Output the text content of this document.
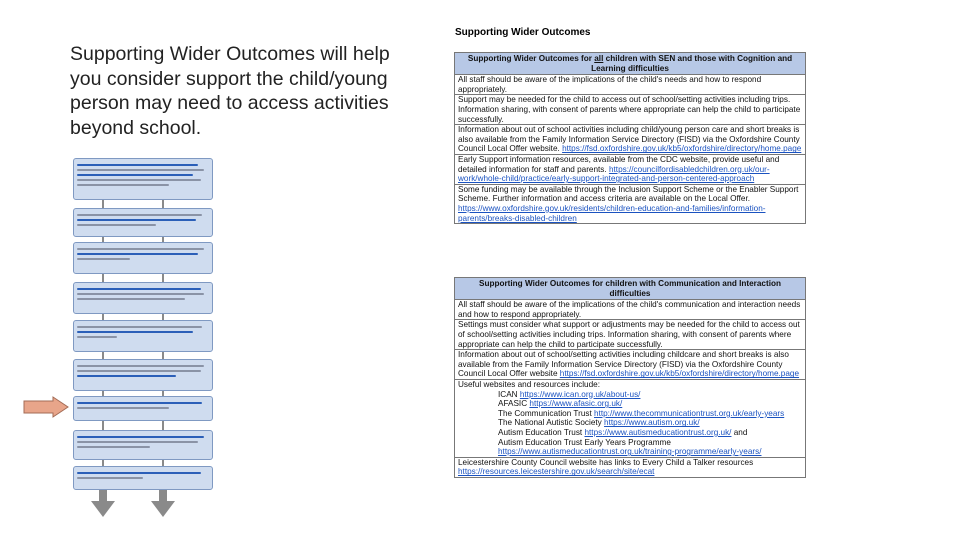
Supporting Wider Outcomes will help you consider support the child/young person may need to access activities beyond school.
Supporting Wider Outcomes
Supporting Wider Outcomes for all children with SEN and those with Cognition and Learning difficulties
All staff should be aware of the implications of the child's needs and how to respond appropriately.
Support may be needed for the child to access out of school/setting activities including trips. Information sharing, with consent of parents where appropriate can help the child to participate successfully.
Information about out of school activities including child/young person care and short breaks is also available from the Family Information Service Directory (FISD) via the Oxfordshire County Council Local Offer website. https://fsd.oxfordshire.gov.uk/kb5/oxfordshire/directory/home.page
Early Support information resources, available from the CDC website, provide useful and detailed information for staff and parents. https://councilfordisabledchildren.org.uk/our-work/whole-child/practice/early-support-integrated-and-person-centered-approach
Some funding may be available through the Inclusion Support Scheme or the Enabler Support Scheme. Further information and access criteria are available on the Local Offer. https://www.oxfordshire.gov.uk/residents/children-education-and-families/information-parents/breaks-disabled-children
Supporting Wider Outcomes for children with Communication and Interaction difficulties
All staff should be aware of the implications of the child's communication and interaction needs and how to respond appropriately.
Settings must consider what support or adjustments may be needed for the child to access out of school/setting activities including trips. Information sharing, with consent of parents where appropriate can help the child to participate successfully.
Information about out of school/setting activities including childcare and short breaks is also available from the Family Information Service Directory (FISD) via the Oxfordshire County Council Local Offer website https://fsd.oxfordshire.gov.uk/kb5/oxfordshire/directory/home.page

Useful websites and resources include:
ICAN https://www.ican.org.uk/about-us/
AFASIC https://www.afasic.org.uk/
The Communication Trust http://www.thecommunicationtrust.org.uk/early-years
The National Autistic Society https://www.autism.org.uk/
Autism Education Trust https://www.autismeducationtrust.org.uk/ and
Autism Education Trust Early Years Programme
https://www.autismeducationtrust.org.uk/training-programme/early-years/

Leicestershire County Council website has links to Every Child a Talker resources https://resources.leicestershire.gov.uk/search/site/ecat
